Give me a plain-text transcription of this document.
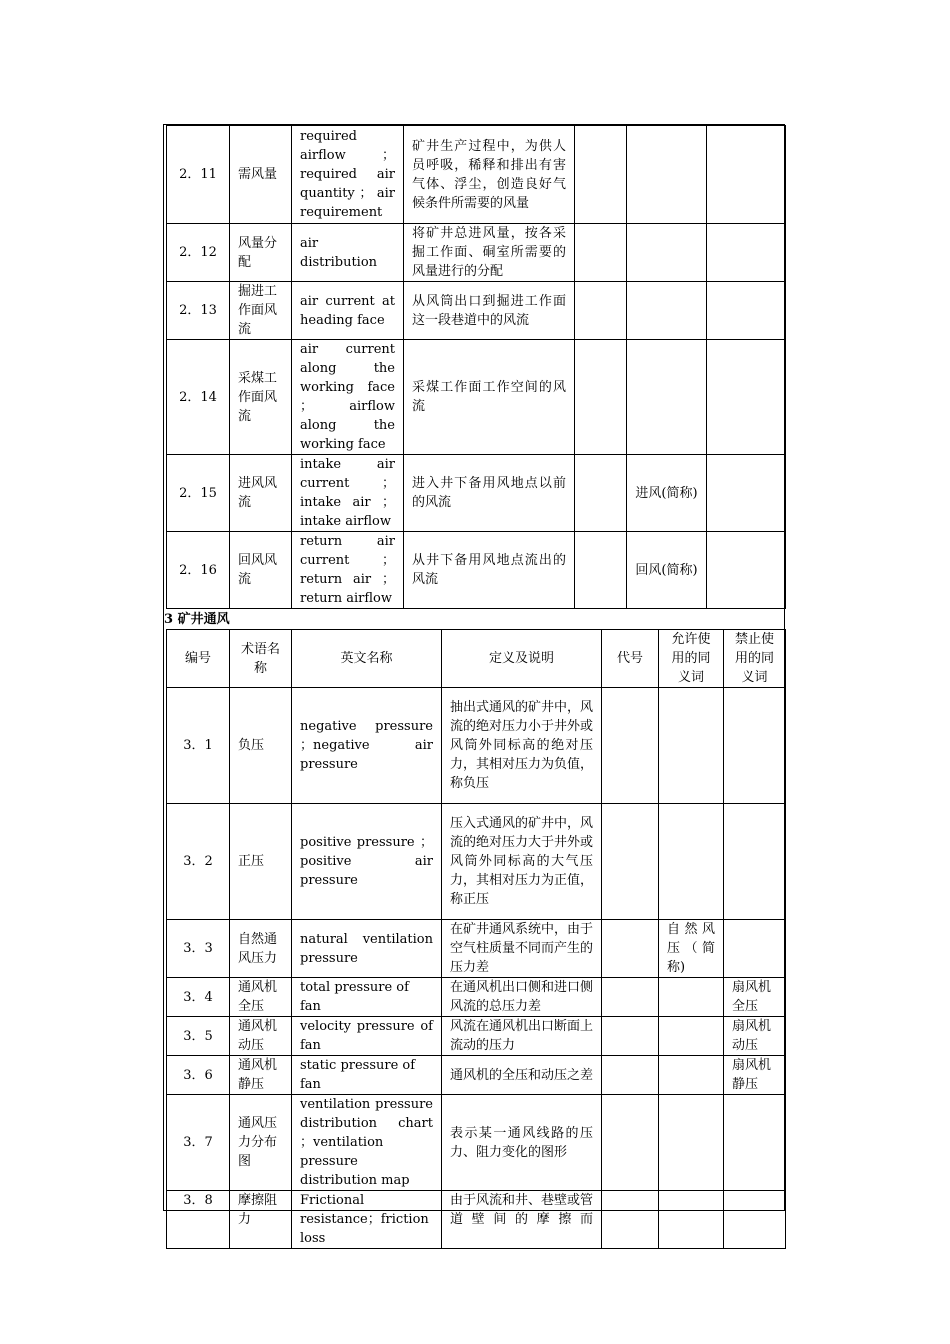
2．11	需风量	required airflow ； required air quantity ； air requirement	矿井生产过程中，为供人员呼吸，稀释和排出有害气体、浮尘，创造良好气候条件所需要的风量			
2．12	风量分配	air distribution	将矿井总进风量，按各采掘工作面、硐室所需要的风量进行的分配			
2．13	掘进工作面风流	air current at heading face	从风筒出口到掘进工作面这一段巷道中的风流			
2．14	采煤工作面风流	air current along the working face ； airflow along the working face	采煤工作面工作空间的风流			
2．15	进风风流	intake air current ；intake air ； intake airflow	进入井下备用风地点以前的风流		进风(简称)	
2．16	回风风流	return air current ；return air ； return airflow	从井下备用风地点流出的风流		回风(简称)	
3 矿井通风
编号	术语名称	英文名称	定义及说明	代号	允许使用的同义词	禁止使用的同义词
3．1	负压	negative pressure ；negative air pressure	抽出式通风的矿井中，风流的绝对压力小于井外或风筒外同标高的绝对压力，其相对压力为负值，称负压			
3．2	正压	positive pressure ；positive air pressure	压入式通风的矿井中，风流的绝对压力大于井外或风筒外同标高的大气压力，其相对压力为正值，称正压			
3．3	自然通风压力	natural ventilation pressure	在矿井通风系统中，由于空气柱质量不同而产生的压力差		自然风压（简称)	
3．4	通风机全压	total pressure of fan	在通风机出口侧和进口侧风流的总压力差			扇风机全压
3．5	通风机动压	velocity pressure of fan	风流在通风机出口断面上流动的压力			扇风机动压
3．6	通风机静压	static pressure of fan	通风机的全压和动压之差			扇风机静压
3．7	通风压力分布图	ventilation pressure distribution chart ；ventilation pressure distribution map	表示某一通风线路的压力、阻力变化的图形			
3．8	摩擦阻力	Frictional resistance；friction loss	由于风流和井、巷壁或管道壁间的摩擦而			
